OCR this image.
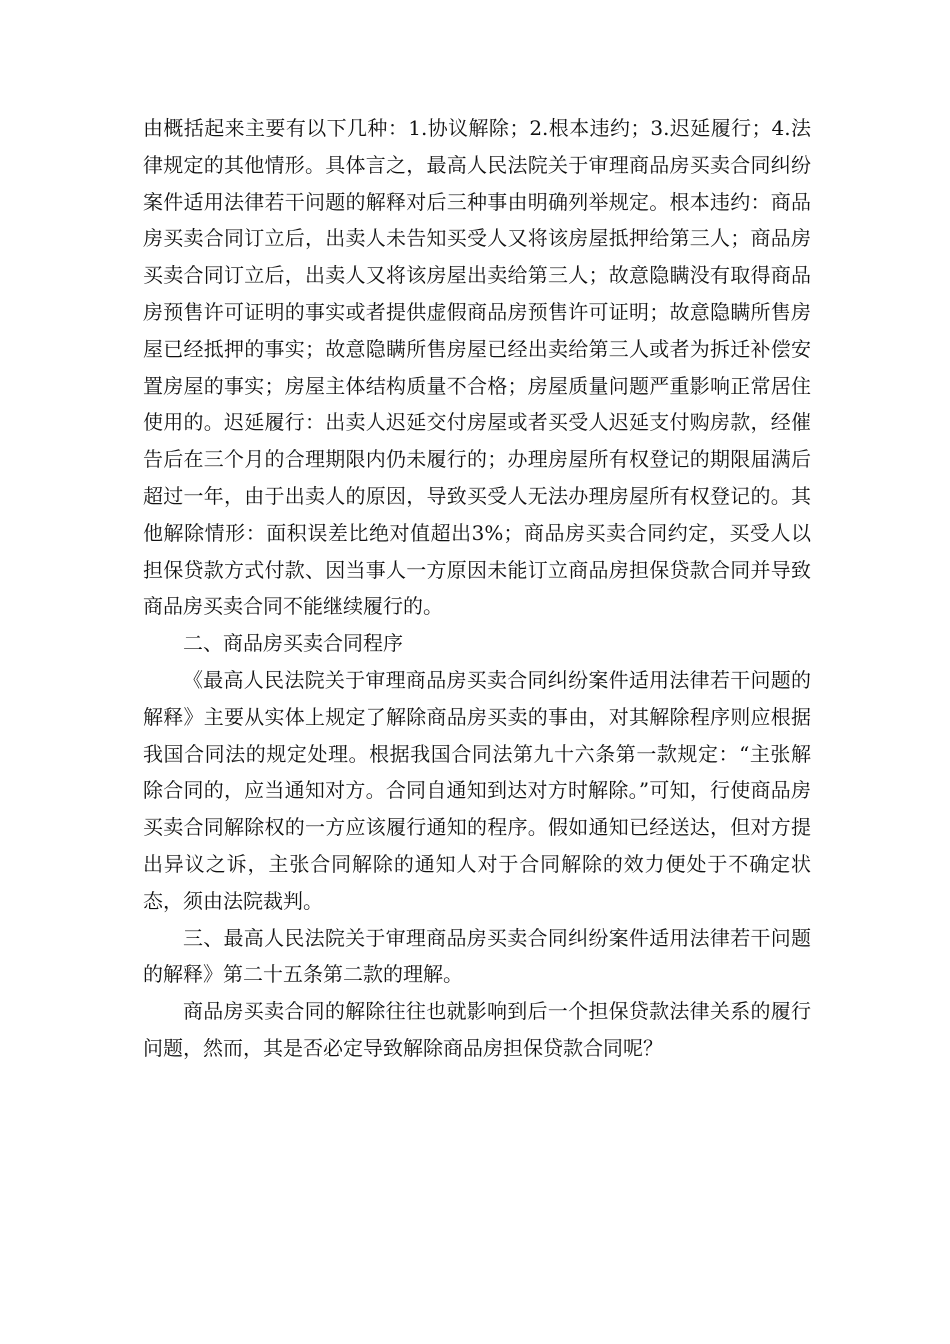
由概括起来主要有以下几种：1.协议解除；2.根本违约；3.迟延履行；4.法律规定的其他情形。具体言之，最高人民法院关于审理商品房买卖合同纠纷案件适用法律若干问题的解释对后三种事由明确列举规定。根本违约：商品房买卖合同订立后，出卖人未告知买受人又将该房屋抵押给第三人；商品房买卖合同订立后，出卖人又将该房屋出卖给第三人；故意隐瞒没有取得商品房预售许可证明的事实或者提供虚假商品房预售许可证明；故意隐瞒所售房屋已经抵押的事实；故意隐瞒所售房屋已经出卖给第三人或者为拆迁补偿安置房屋的事实；房屋主体结构质量不合格；房屋质量问题严重影响正常居住使用的。迟延履行：出卖人迟延交付房屋或者买受人迟延支付购房款，经催告后在三个月的合理期限内仍未履行的；办理房屋所有权登记的期限届满后超过一年，由于出卖人的原因，导致买受人无法办理房屋所有权登记的。其他解除情形：面积误差比绝对值超出3%；商品房买卖合同约定，买受人以担保贷款方式付款、因当事人一方原因未能订立商品房担保贷款合同并导致商品房买卖合同不能继续履行的。

二、商品房买卖合同程序

《最高人民法院关于审理商品房买卖合同纠纷案件适用法律若干问题的解释》主要从实体上规定了解除商品房买卖的事由，对其解除程序则应根据我国合同法的规定处理。根据我国合同法第九十六条第一款规定：“主张解除合同的，应当通知对方。合同自通知到达对方时解除。”可知，行使商品房买卖合同解除权的一方应该履行通知的程序。假如通知已经送达，但对方提出异议之诉，主张合同解除的通知人对于合同解除的效力便处于不确定状态，须由法院裁判。

三、最高人民法院关于审理商品房买卖合同纠纷案件适用法律若干问题的解释》第二十五条第二款的理解。

商品房买卖合同的解除往往也就影响到后一个担保贷款法律关系的履行问题，然而，其是否必定导致解除商品房担保贷款合同呢？
